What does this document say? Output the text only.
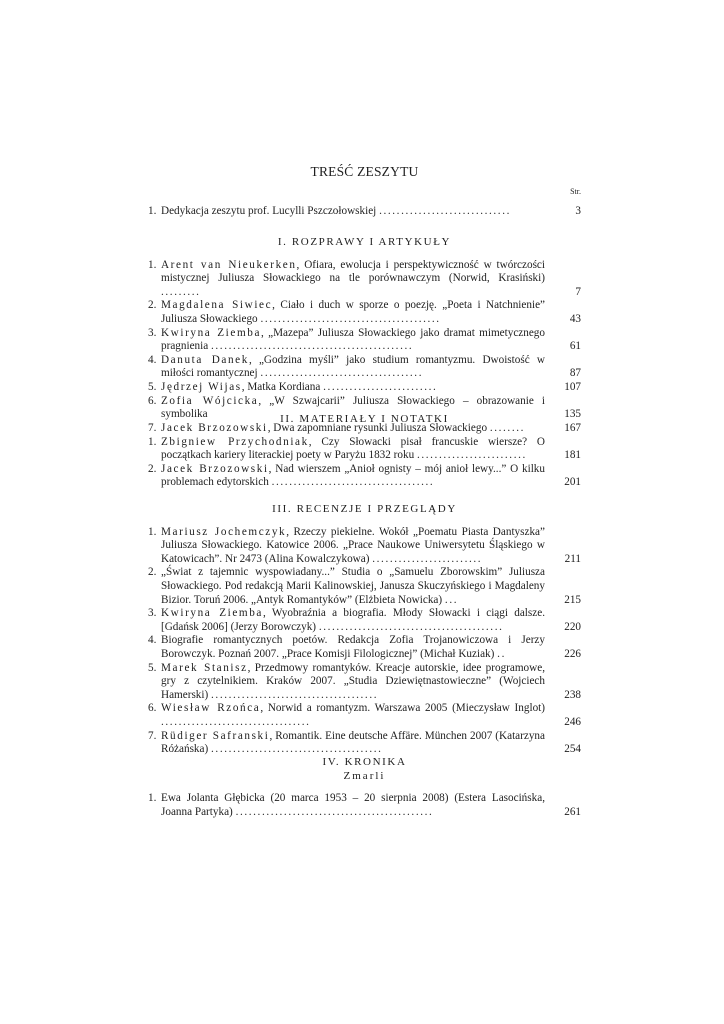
TREŚĆ ZESZYTU
Str.
1. Dedykacja zeszytu prof. Lucylli Pszczołowskiej ..............................	3
I. ROZPRAWY I ARTYKUŁY
1. Arent van Nieukerken, Ofiara, ewolucja i perspektywiczność w twórczości mistycznej Juliusza Słowackiego na tle porównawczym (Norwid, Krasiński) .........	7
2. Magdalena Siwiec, Ciało i duch w sporze o poezję. „Poeta i Natchnienie” Juliusza Słowackiego .........................................	43
3. Kwiryna Ziemba, „Mazepa” Juliusza Słowackiego jako dramat mimetycznego pragnienia ..............................................	61
4. Danuta Danek, „Godzina myśli” jako studium romantyzmu. Dwoistość w miłości romantycznej .....................................	87
5. Jędrzej Wijas, Matka Kordiana ..........................	107
6. Zofia Wójcicka, „W Szwajcarii” Juliusza Słowackiego – obrazowanie i symbolika	135
7. Jacek Brzozowski, Dwa zapomniane rysunki Juliusza Słowackiego ........	167
II. MATERIAŁY I NOTATKI
1. Zbigniew Przychodniak, Czy Słowacki pisał francuskie wiersze? O początkach kariery literackiej poety w Paryżu 1832 roku .........................	181
2. Jacek Brzozowski, Nad wierszem „Anioł ognisty – mój anioł lewy...” O kilku problemach edytorskich .....................................	201
III. RECENZJE I PRZEGLĄDY
1. Mariusz Jochemczyk, Rzeczy piekielne. Wokół „Poematu Piasta Dantyszka” Juliusza Słowackiego. Katowice 2006. „Prace Naukowe Uniwersytetu Śląskiego w Katowicach”. Nr 2473 (Alina Kowalczykowa) .........................	211
2. „Świat z tajemnic wyspowiadany...” Studia o „Samuelu Zborowskim” Juliusza Słowackiego. Pod redakcją Marii Kalinowskiej, Janusza Skuczyńskiego i Magdaleny Bizior. Toruń 2006. „Antyk Romantyków” (Elżbieta Nowicka) ...	215
3. Kwiryna Ziemba, Wyobraźnia a biografia. Młody Słowacki i ciągi dalsze. [Gdańsk 2006] (Jerzy Borowczyk) ..........................................	220
4. Biografie romantycznych poetów. Redakcja Zofia Trojanowiczowa i Jerzy Borowczyk. Poznań 2007. „Prace Komisji Filologicznej” (Michał Kuziak) ..	226
5. Marek Stanisz, Przedmowy romantyków. Kreacje autorskie, idee programowe, gry z czytelnikiem. Kraków 2007. „Studia Dziewiętnastowieczne” (Wojciech Hamerski) ......................................	238
6. Wiesław Rzońca, Norwid a romantyzm. Warszawa 2005 (Mieczysław Inglot) ..................................	246
7. Rüdiger Safranski, Romantik. Eine deutsche Affäre. München 2007 (Katarzyna Różańska) .......................................	254
IV. KRONIKA
Zmarli
1. Ewa Jolanta Głębicka (20 marca 1953 – 20 sierpnia 2008) (Estera Lasocińska, Joanna Partyka) .............................................	261
